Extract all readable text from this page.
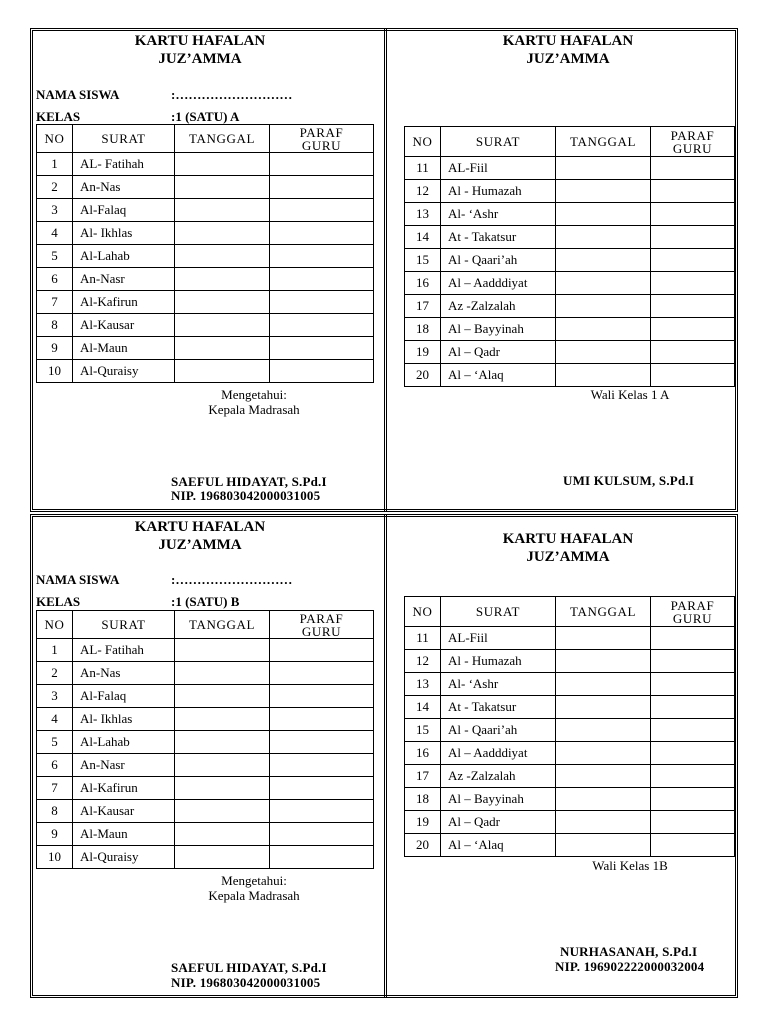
KARTU HAFALAN
JUZ’AMMA
NAMA SISWA	:………………………
KELAS	:1 (SATU) A
NO	SURAT	TANGGAL	PARAF
GURU

1	AL- Fatihah		
2	An-Nas		
3	Al-Falaq		
4	Al- Ikhlas		
5	Al-Lahab		
6	An-Nasr		
7	Al-Kafirun		
8	Al-Kausar		
9	Al-Maun		
10	Al-Quraisy		
Mengetahui:
Kepala Madrasah
SAEFUL HIDAYAT, S.Pd.I
NIP. 196803042000031005
KARTU HAFALAN
JUZ’AMMA
NO	SURAT	TANGGAL	PARAF
GURU

11	AL-Fiil		
12	Al - Humazah		
13	Al- ‘Ashr		
14	At - Takatsur		
15	Al - Qaari’ah		
16	Al – Aadddiyat		
17	Az -Zalzalah		
18	Al – Bayyinah		
19	Al – Qadr		
20	Al – ‘Alaq		
Wali Kelas 1 A
UMI KULSUM, S.Pd.I
KARTU HAFALAN
JUZ’AMMA
NAMA SISWA	:………………………
KELAS	:1 (SATU) B
NO	SURAT	TANGGAL	PARAF
GURU

1	AL- Fatihah		
2	An-Nas		
3	Al-Falaq		
4	Al- Ikhlas		
5	Al-Lahab		
6	An-Nasr		
7	Al-Kafirun		
8	Al-Kausar		
9	Al-Maun		
10	Al-Quraisy		
Mengetahui:
Kepala Madrasah
SAEFUL HIDAYAT, S.Pd.I
NIP. 196803042000031005
KARTU HAFALAN
JUZ’AMMA
NO	SURAT	TANGGAL	PARAF
GURU

11	AL-Fiil		
12	Al - Humazah		
13	Al- ‘Ashr		
14	At - Takatsur		
15	Al - Qaari’ah		
16	Al – Aadddiyat		
17	Az -Zalzalah		
18	Al – Bayyinah		
19	Al – Qadr		
20	Al – ‘Alaq		
Wali Kelas 1B
NURHASANAH, S.Pd.I
NIP. 196902222000032004
